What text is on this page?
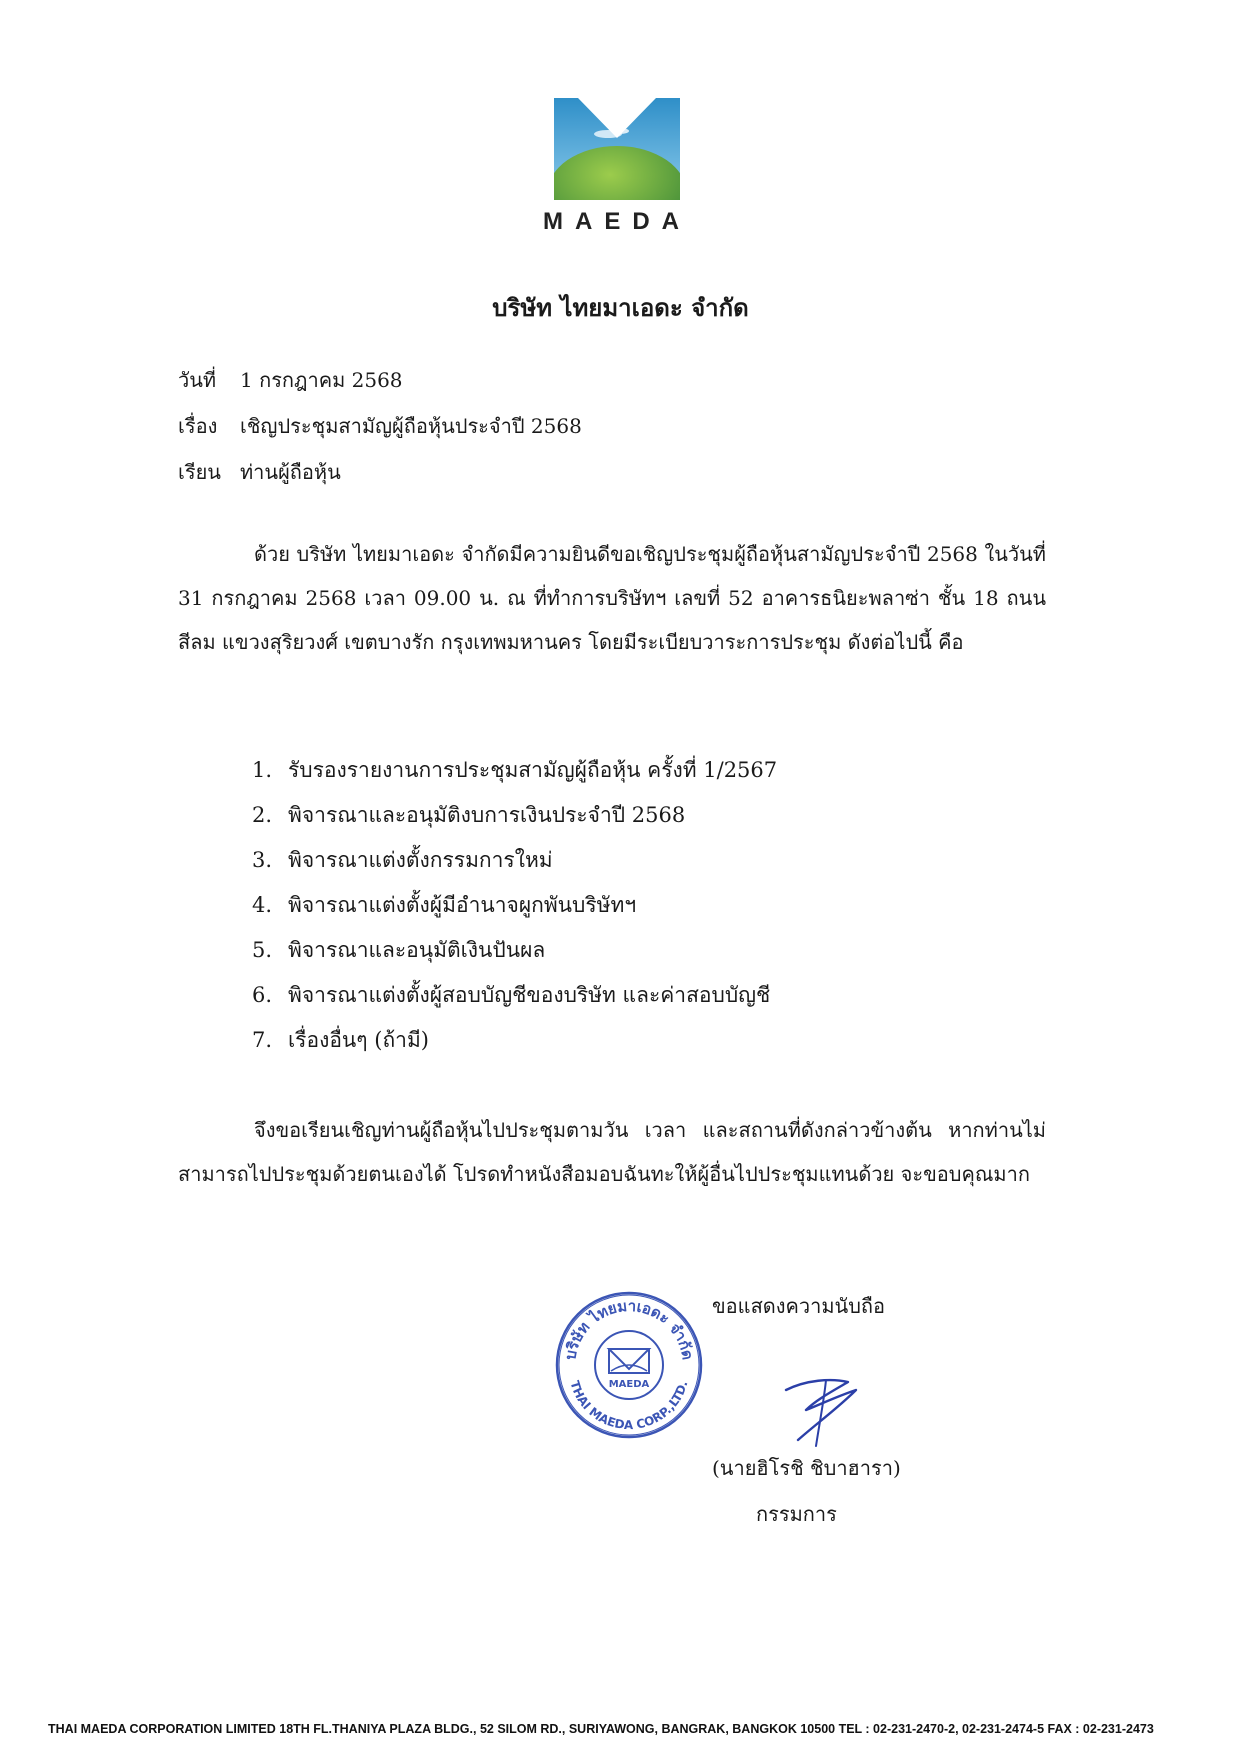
MAEDA
บริษัท ไทยมาเอดะ จำกัด
วันที่ 1 กรกฎาคม 2568
เรื่อง เชิญประชุมสามัญผู้ถือหุ้นประจำปี 2568
เรียน ท่านผู้ถือหุ้น
ด้วย บริษัท ไทยมาเอดะ จำกัดมีความยินดีขอเชิญประชุมผู้ถือหุ้นสามัญประจำปี 2568 ในวันที่ 31 กรกฎาคม 2568 เวลา 09.00 น. ณ ที่ทำการบริษัทฯ เลขที่ 52 อาคารธนิยะพลาซ่า ชั้น 18 ถนนสีลม แขวงสุริยวงศ์ เขตบางรัก กรุงเทพมหานคร โดยมีระเบียบวาระการประชุม ดังต่อไปนี้ คือ
1. รับรองรายงานการประชุมสามัญผู้ถือหุ้น ครั้งที่ 1/2567
2. พิจารณาและอนุมัติงบการเงินประจำปี 2568
3. พิจารณาแต่งตั้งกรรมการใหม่
4. พิจารณาแต่งตั้งผู้มีอำนาจผูกพันบริษัทฯ
5. พิจารณาและอนุมัติเงินปันผล
6. พิจารณาแต่งตั้งผู้สอบบัญชีของบริษัท และค่าสอบบัญชี
7. เรื่องอื่นๆ (ถ้ามี)
จึงขอเรียนเชิญท่านผู้ถือหุ้นไปประชุมตามวัน เวลา และสถานที่ดังกล่าวข้างต้น หากท่านไม่สามารถไปประชุมด้วยตนเองได้ โปรดทำหนังสือมอบฉันทะให้ผู้อื่นไปประชุมแทนด้วย จะขอบคุณมาก
ขอแสดงความนับถือ
บริษัท ไทยมาเอดะ จำกัด
THAI MAEDA CORP.,LTD.
MAEDA
(นายฮิโรชิ ชิบาฮารา)
กรรมการ
THAI MAEDA CORPORATION LIMITED 18TH FL.THANIYA PLAZA BLDG., 52 SILOM RD., SURIYAWONG, BANGRAK, BANGKOK 10500 TEL : 02-231-2470-2, 02-231-2474-5 FAX : 02-231-2473
